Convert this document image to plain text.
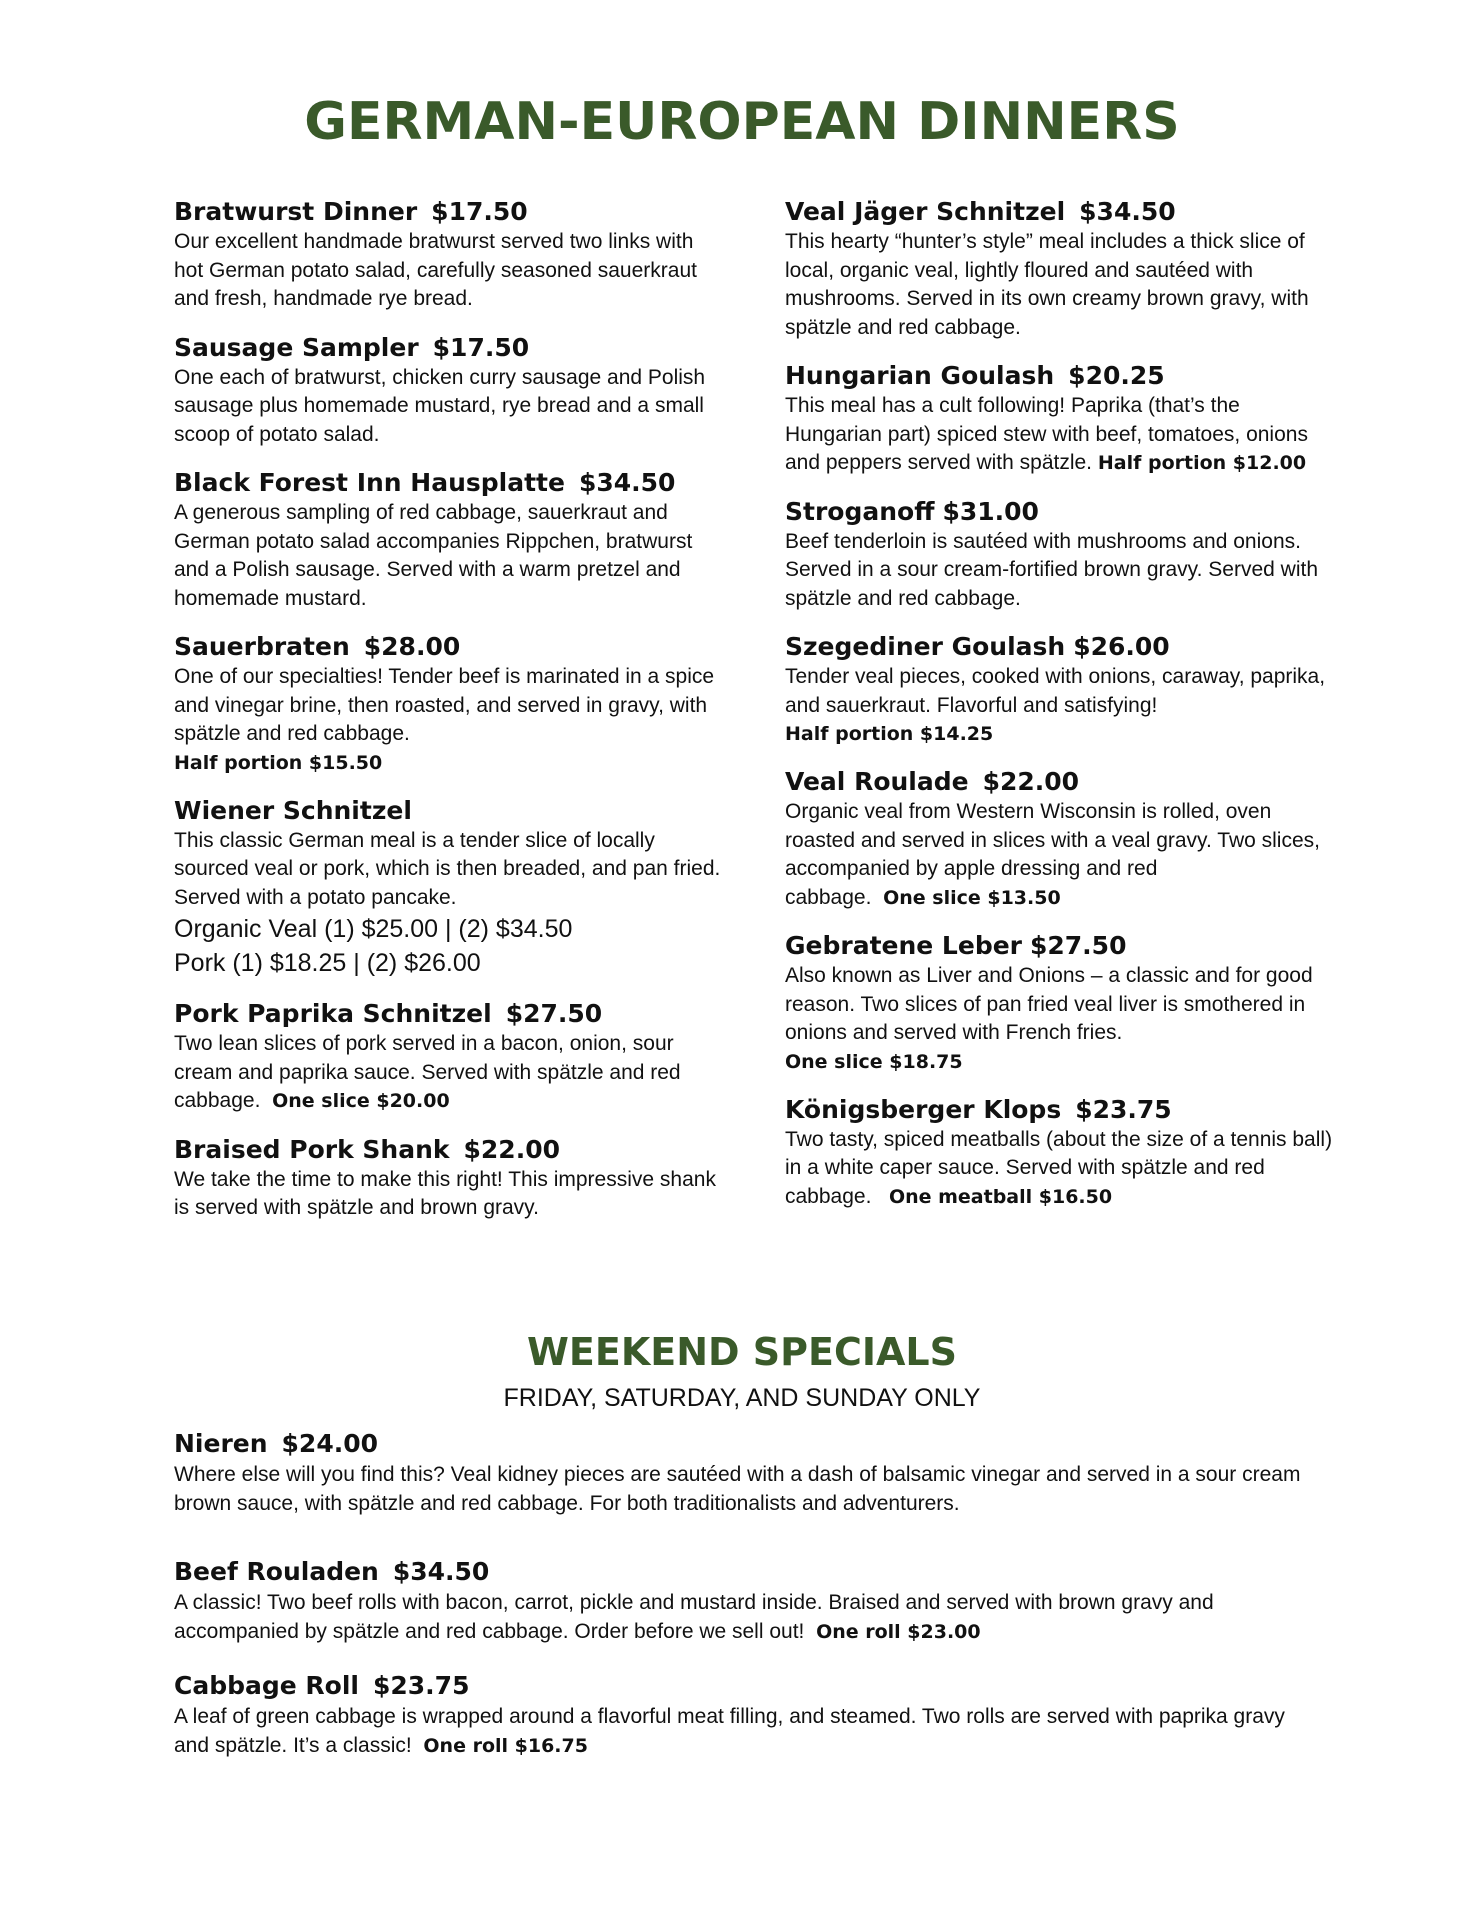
GERMAN-EUROPEAN DINNERS

Bratwurst Dinner $17.50

Our excellent handmade bratwurst served two links with hot German potato salad, carefully seasoned sauerkraut and fresh, handmade rye bread.

Sausage Sampler $17.50

One each of bratwurst, chicken curry sausage and Polish sausage plus homemade mustard, rye bread and a small scoop of potato salad.

Black Forest Inn Hausplatte $34.50

A generous sampling of red cabbage, sauerkraut and German potato salad accompanies Rippchen, bratwurst and a Polish sausage. Served with a warm pretzel and homemade mustard.

Sauerbraten $28.00

One of our specialties! Tender beef is marinated in a spice and vinegar brine, then roasted, and served in gravy, with spätzle and red cabbage.
Half portion $15.50

Wiener Schnitzel

This classic German meal is a tender slice of locally sourced veal or pork, which is then breaded, and pan fried. Served with a potato pancake.

Organic Veal (1) $25.00 | (2) $34.50
Pork (1) $18.25 | (2) $26.00

Pork Paprika Schnitzel $27.50

Two lean slices of pork served in a bacon, onion, sour cream and paprika sauce. Served with spätzle and red cabbage. One slice $20.00

Braised Pork Shank $22.00

We take the time to make this right! This impressive shank is served with spätzle and brown gravy.

Veal Jäger Schnitzel $34.50

This hearty “hunter’s style” meal includes a thick slice of local, organic veal, lightly floured and sautéed with mushrooms. Served in its own creamy brown gravy, with spätzle and red cabbage.

Hungarian Goulash $20.25

This meal has a cult following! Paprika (that’s the Hungarian part) spiced stew with beef, tomatoes, onions and peppers served with spätzle. Half portion $12.00

Stroganoff $31.00

Beef tenderloin is sautéed with mushrooms and onions. Served in a sour cream-fortified brown gravy. Served with spätzle and red cabbage.

Szegediner Goulash $26.00

Tender veal pieces, cooked with onions, caraway, paprika, and sauerkraut. Flavorful and satisfying!
Half portion $14.25

Veal Roulade $22.00

Organic veal from Western Wisconsin is rolled, oven roasted and served in slices with a veal gravy. Two slices, accompanied by apple dressing and red cabbage. One slice $13.50

Gebratene Leber $27.50

Also known as Liver and Onions – a classic and for good reason. Two slices of pan fried veal liver is smothered in onions and served with French fries.
One slice $18.75

Königsberger Klops $23.75

Two tasty, spiced meatballs (about the size of a tennis ball) in a white caper sauce. Served with spätzle and red cabbage. One meatball $16.50

WEEKEND SPECIALS

FRIDAY, SATURDAY, AND SUNDAY ONLY

Nieren $24.00

Where else will you find this? Veal kidney pieces are sautéed with a dash of balsamic vinegar and served in a sour cream brown sauce, with spätzle and red cabbage. For both traditionalists and adventurers.

Beef Rouladen $34.50

A classic! Two beef rolls with bacon, carrot, pickle and mustard inside. Braised and served with brown gravy and accompanied by spätzle and red cabbage. Order before we sell out! One roll $23.00

Cabbage Roll $23.75

A leaf of green cabbage is wrapped around a flavorful meat filling, and steamed. Two rolls are served with paprika gravy and spätzle. It’s a classic! One roll $16.75
